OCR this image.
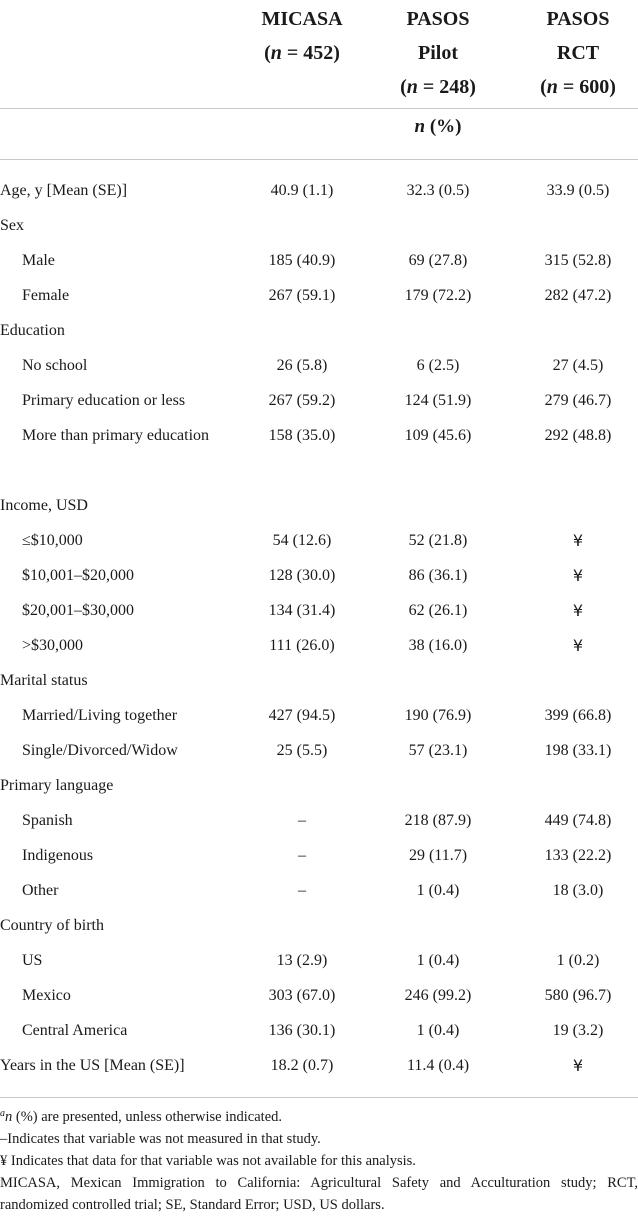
MICASA
(n = 452)
PASOS
Pilot
(n = 248)
PASOS
RCT
(n = 600)
n (%)
Age, y [Mean (SE)]	40.9 (1.1)	32.3 (0.5)	33.9 (0.5)
Sex
Male	185 (40.9)	69 (27.8)	315 (52.8)
Female	267 (59.1)	179 (72.2)	282 (47.2)
Education
No school	26 (5.8)	6 (2.5)	27 (4.5)
Primary education or less	267 (59.2)	124 (51.9)	279 (46.7)
More than primary education	158 (35.0)	109 (45.6)	292 (48.8)
Income, USD
≤$10,000	54 (12.6)	52 (21.8)	¥
$10,001–$20,000	128 (30.0)	86 (36.1)	¥
$20,001–$30,000	134 (31.4)	62 (26.1)	¥
>$30,000	111 (26.0)	38 (16.0)	¥
Marital status
Married/Living together	427 (94.5)	190 (76.9)	399 (66.8)
Single/Divorced/Widow	25 (5.5)	57 (23.1)	198 (33.1)
Primary language
Spanish	–	218 (87.9)	449 (74.8)
Indigenous	–	29 (11.7)	133 (22.2)
Other	–	1 (0.4)	18 (3.0)
Country of birth
US	13 (2.9)	1 (0.4)	1 (0.2)
Mexico	303 (67.0)	246 (99.2)	580 (96.7)
Central America	136 (30.1)	1 (0.4)	19 (3.2)
Years in the US [Mean (SE)]	18.2 (0.7)	11.4 (0.4)	¥
$^a$n (%) are presented, unless otherwise indicated.
–Indicates that variable was not measured in that study.
¥ Indicates that data for that variable was not available for this analysis.
MICASA, Mexican Immigration to California: Agricultural Safety and Acculturation study; RCT, randomized controlled trial; SE, Standard Error; USD, US dollars.
